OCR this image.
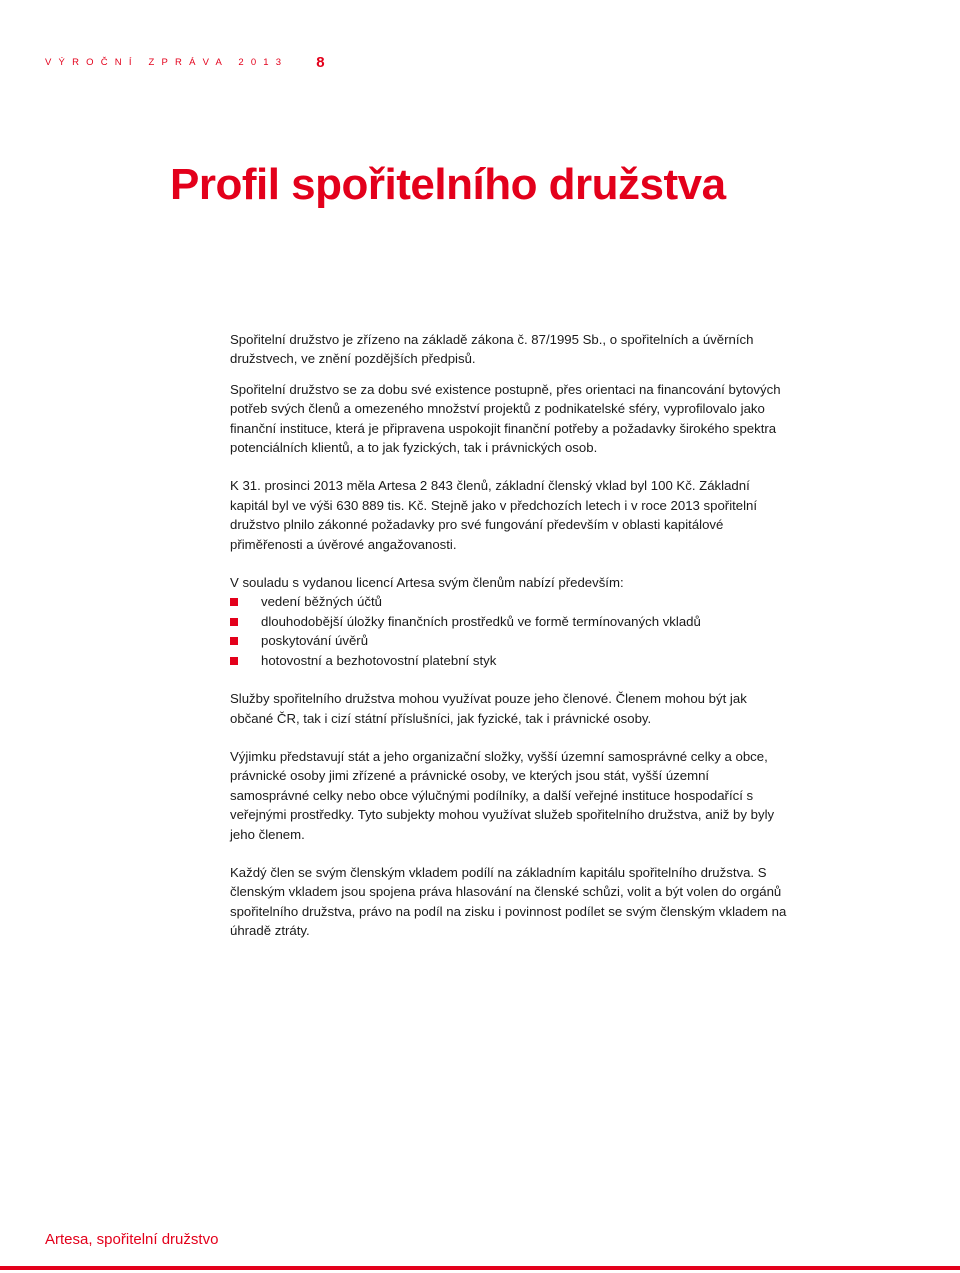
VÝROČNÍ ZPRÁVA 2013 8
Profil spořitelního družstva

Spořitelní družstvo je zřízeno na základě zákona č. 87/1995 Sb., o spořitelních a úvěrních družstvech, ve znění pozdějších předpisů.

Spořitelní družstvo se za dobu své existence postupně, přes orientaci na financování bytových potřeb svých členů a omezeného množství projektů z podnikatelské sféry, vyprofilovalo jako finanční instituce, která je připravena uspokojit finanční potřeby a požadavky širokého spektra potenciálních klientů, a to jak fyzických, tak i právnických osob.

K 31. prosinci 2013 měla Artesa 2 843 členů, základní členský vklad byl 100 Kč. Základní kapitál byl ve výši 630 889 tis. Kč. Stejně jako v předchozích letech i v roce 2013 spořitelní družstvo plnilo zákonné požadavky pro své fungování především v oblasti kapitálové přiměřenosti a úvěrové angažovanosti.

V souladu s vydanou licencí Artesa svým členům nabízí především:

vedení běžných účtů
dlouhodobější úložky finančních prostředků ve formě termínovaných vkladů
poskytování úvěrů
hotovostní a bezhotovostní platební styk

Služby spořitelního družstva mohou využívat pouze jeho členové. Členem mohou být jak občané ČR, tak i cizí státní příslušníci, jak fyzické, tak i právnické osoby.

Výjimku představují stát a jeho organizační složky, vyšší územní samosprávné celky a obce, právnické osoby jimi zřízené a právnické osoby, ve kterých jsou stát, vyšší územní samosprávné celky nebo obce výlučnými podílníky, a další veřejné instituce hospodařící s veřejnými prostředky. Tyto subjekty mohou využívat služeb spořitelního družstva, aniž by byly jeho členem.

Každý člen se svým členským vkladem podílí na základním kapitálu spořitelního družstva. S členským vkladem jsou spojena práva hlasování na členské schůzi, volit a být volen do orgánů spořitelního družstva, právo na podíl na zisku i povinnost podílet se svým členským vkladem na úhradě ztráty.

Artesa, spořitelní družstvo
